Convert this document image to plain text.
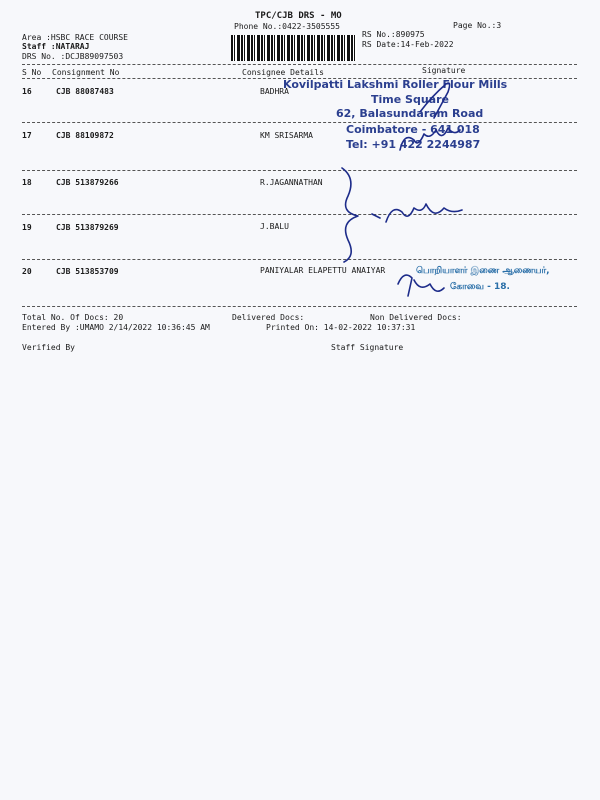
TPC/CJB DRS - MO
Phone No.:0422-3505555	Page No.:3
Area :HSBC RACE COURSE
Staff :NATARAJ
DRS No. :DCJB89097503
RS No.:890975
RS Date:14-Feb-2022
S No Consignment No	Consignee Details	Signature
16	CJB 88087483	BADHRA
17	CJB 88109872	KM SRISARMA
18	CJB 513879266	R.JAGANNATHAN
19	CJB 513879269	J.BALU
20	CJB 513853709	PANIYALAR ELAPETTU ANAIYAR
Total No. Of Docs: 20	Delivered Docs:	Non Delivered Docs:
Entered By :UMAMO 2/14/2022 10:36:45 AM	Printed On: 14-02-2022 10:37:31
Verified By	Staff Signature
Kovilpatti Lakshmi Roller Flour Mills
Time Square
62, Balasundaram Road
Coimbatore - 641 018
Tel: +91 422 2244987
பொறியாளர் இணை ஆணையர்,
கோவை - 18.
